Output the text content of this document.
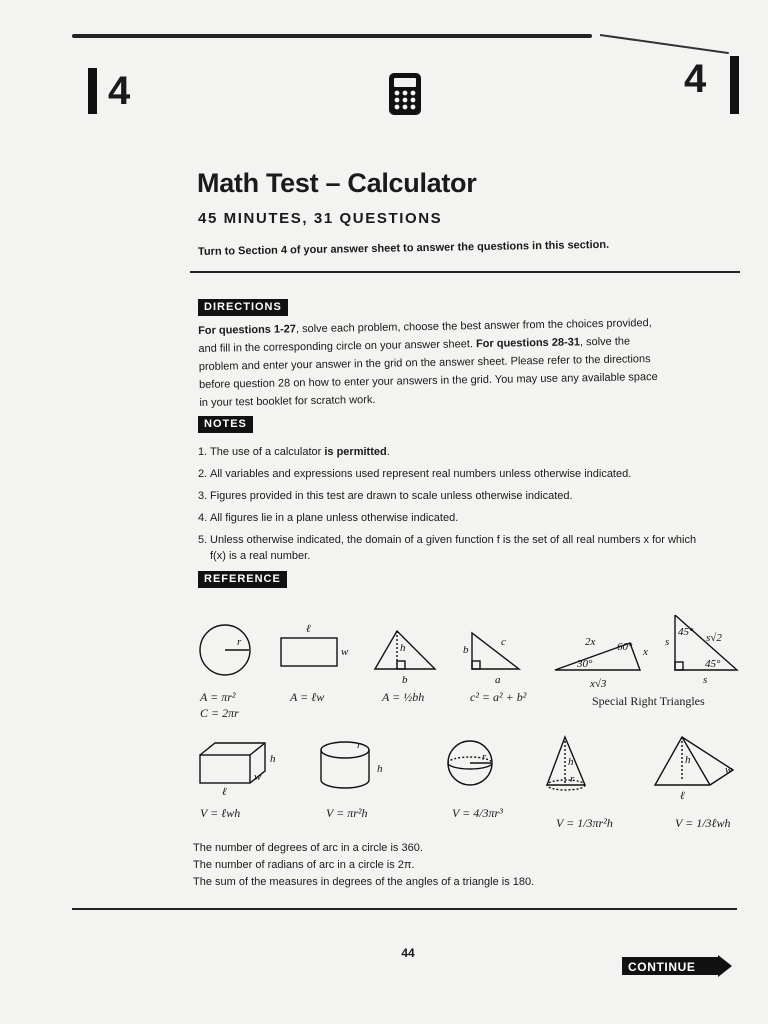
4	4
Math Test – Calculator
45 MINUTES, 31 QUESTIONS
Turn to Section 4 of your answer sheet to answer the questions in this section.
DIRECTIONS
For questions 1-27, solve each problem, choose the best answer from the choices provided, and fill in the corresponding circle on your answer sheet. For questions 28-31, solve the problem and enter your answer in the grid on the answer sheet. Please refer to the directions before question 28 on how to enter your answers in the grid. You may use any available space in your test booklet for scratch work.
NOTES
1. The use of a calculator is permitted.
2. All variables and expressions used represent real numbers unless otherwise indicated.
3. Figures provided in this test are drawn to scale unless otherwise indicated.
4. All figures lie in a plane unless otherwise indicated.
5. Unless otherwise indicated, the domain of a given function f is the set of all real numbers x for which f(x) is a real number.
REFERENCE
r
ℓ
w	h
b
b
a
c	2x 60° x
30°
x√3
45°
45°
s	s√2
s
h
w
ℓ
r
h
r	h
r
h
w
ℓ
A = πr²
C = 2πr
A = ℓw	A = ½bh	c² = a² + b²	Special Right Triangles
V = ℓwh	V = πr²h	V = 4/3πr³
V = 1/3πr²h	V = 1/3ℓwh
The number of degrees of arc in a circle is 360.
The number of radians of arc in a circle is 2π.
The sum of the measures in degrees of the angles of a triangle is 180.
44
CONTINUE
